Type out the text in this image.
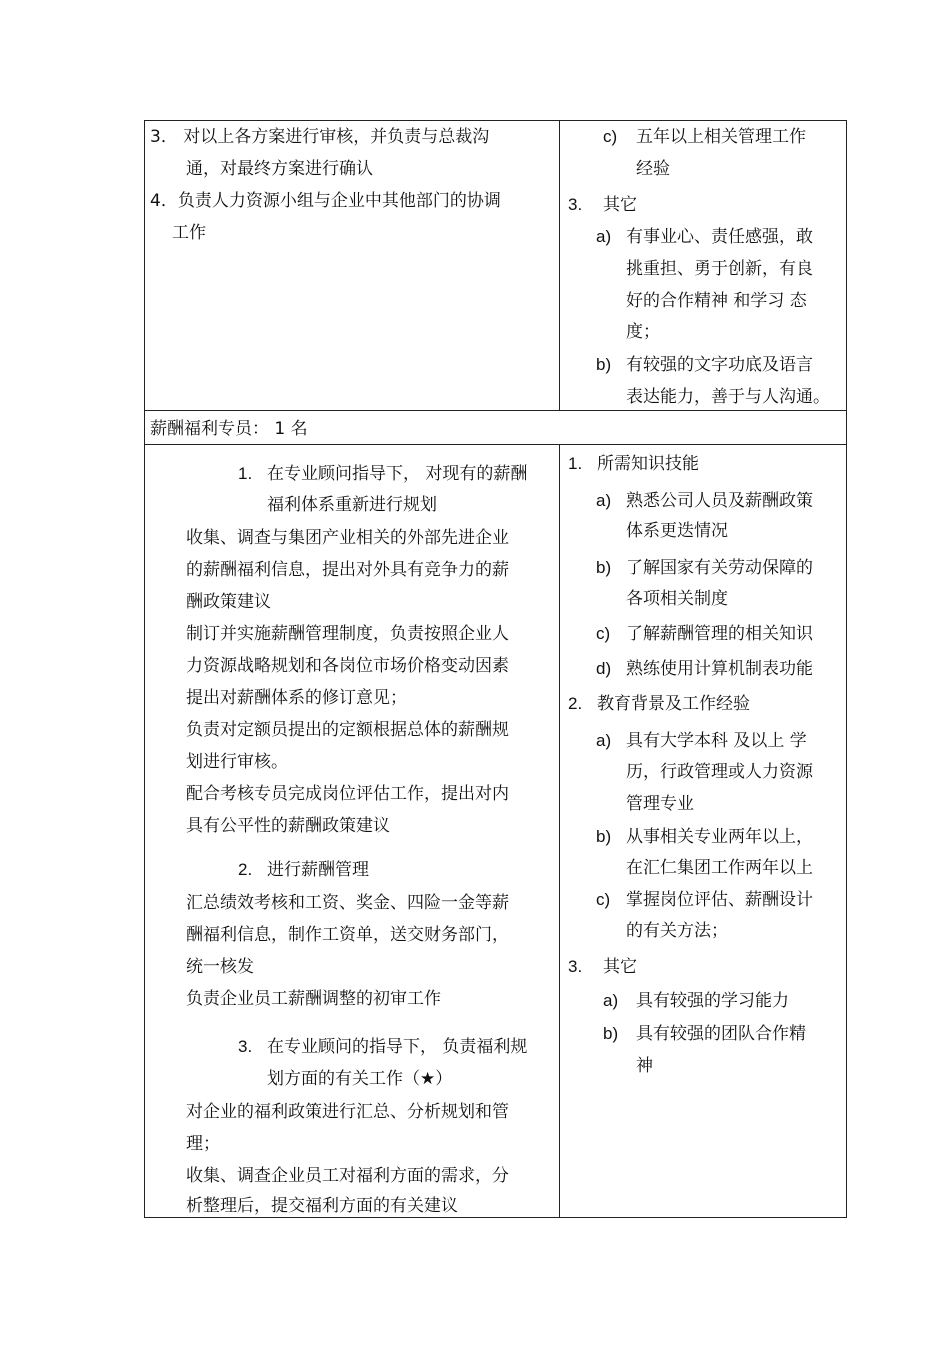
3． 对以上各方案进行审核，并负责与总裁沟
通，对最终方案进行确认
4．负责人力资源小组与企业中其他部门的协调
工作
c) 五年以上相关管理工作
经验
3. 其它
a) 有事业心、责任感强，敢
挑重担、勇于创新，有良
好的合作精神 和学习 态
度；
b) 有较强的文字功底及语言
表达能力，善于与人沟通。
薪酬福利专员： 1 名
1. 在专业顾问指导下， 对现有的薪酬
福利体系重新进行规划
收集、调查与集团产业相关的外部先进企业
的薪酬福利信息，提出对外具有竞争力的薪
酬政策建议
制订并实施薪酬管理制度，负责按照企业人
力资源战略规划和各岗位市场价格变动因素
提出对薪酬体系的修订意见；
负责对定额员提出的定额根据总体的薪酬规
划进行审核。
配合考核专员完成岗位评估工作，提出对内
具有公平性的薪酬政策建议
2. 进行薪酬管理
汇总绩效考核和工资、奖金、四险一金等薪
酬福利信息，制作工资单，送交财务部门，
统一核发
负责企业员工薪酬调整的初审工作
3. 在专业顾问的指导下， 负责福利规
划方面的有关工作（★）
对企业的福利政策进行汇总、分析规划和管
理；
收集、调查企业员工对福利方面的需求，分
析整理后，提交福利方面的有关建议
1. 所需知识技能
a) 熟悉公司人员及薪酬政策
体系更迭情况
b) 了解国家有关劳动保障的
各项相关制度
c) 了解薪酬管理的相关知识
d) 熟练使用计算机制表功能
2. 教育背景及工作经验
a) 具有大学本科 及以上 学
历，行政管理或人力资源
管理专业
b) 从事相关专业两年以上，
在汇仁集团工作两年以上
c) 掌握岗位评估、薪酬设计
的有关方法；
3. 其它
a) 具有较强的学习能力
b) 具有较强的团队合作精
神
